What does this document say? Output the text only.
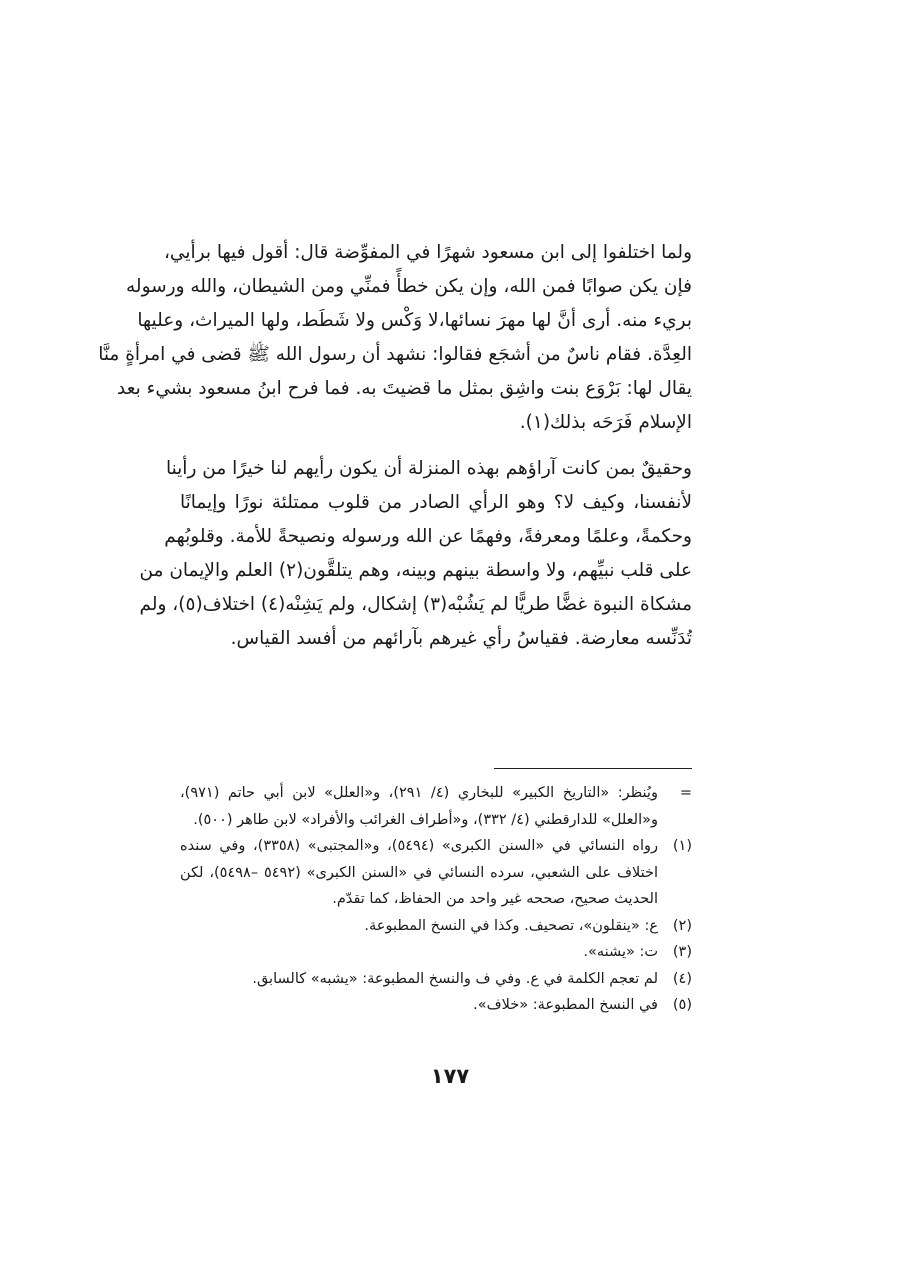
ولما اختلفوا إلى ابن مسعود شهرًا في المفوِّضة قال: أقول فيها برأيي،
فإن يكن صوابًا فمن الله، وإن يكن خطأً فمنِّي ومن الشيطان، والله ورسوله
بريء منه. أرى أنَّ لها مهرَ نسائها،لا وَكْس ولا شَطَط، ولها الميراث، وعليها
العِدَّة. فقام ناسٌ من أشجَع فقالوا: نشهد أن رسول الله ﷺ قضى في امرأةٍ منَّا
يقال لها: بَرْوَع بنت واشِق بمثل ما قضيتَ به. فما فرح ابنُ مسعود بشيء بعد
الإسلام فَرَحَه بذلك(١).

وحقيقٌ بمن كانت آراؤهم بهذه المنزلة أن يكون رأيهم لنا خيرًا من رأينا
لأنفسنا، وكيف لا؟ وهو الرأي الصادر من قلوب ممتلئة نورًا وإيمانًا
وحكمةً، وعلمًا ومعرفةً، وفهمًا عن الله ورسوله ونصيحةً للأمة. وقلوبُهم
على قلب نبيِّهم، ولا واسطة بينهم وبينه، وهم يتلقَّون(٢) العلم والإيمان من
مشكاة النبوة غضًّا طريًّا لم يَشُبْه(٣) إشكال، ولم يَشِنْه(٤) اختلاف(٥)، ولم
تُدَنِّسه معارضة. فقياسُ رأي غيرهم بآرائهم من أفسد القياس.

=
ويُنظر: «التاريخ الكبير» للبخاري (٤/ ٢٩١)، و«العلل» لابن أبي حاتم (٩٧١)،
و«العلل» للدارقطني (٤/ ٣٣٢)، و«أطراف الغرائب والأفراد» لابن طاهر (٥٠٠).
(١)
رواه النسائي في «السنن الكبرى» (٥٤٩٤)، و«المجتبى» (٣٣٥٨)، وفي سنده
اختلاف على الشعبي، سرده النسائي في «السنن الكبرى» (٥٤٩٢ –٥٤٩٨)، لكن
الحديث صحيح، صححه غير واحد من الحفاظ، كما تقدّم.
(٢)
ع: «ينقلون»، تصحيف. وكذا في النسخ المطبوعة.
(٣)
ت: «يشنه».
(٤)
لم تعجم الكلمة في ع. وفي ف والنسخ المطبوعة: «يشبه» كالسابق.
(٥)
في النسخ المطبوعة: «خلاف».
١٧٧
